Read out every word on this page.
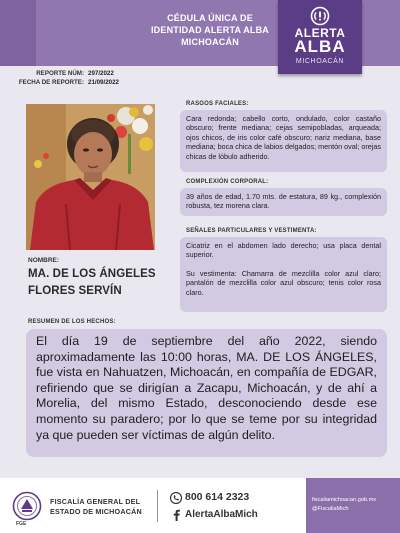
CÉDULA ÚNICA DE
IDENTIDAD ALERTA ALBA
MICHOACÁN
ALERTA
ALBA
MICHOACÁN
REPORTE NÚM: 297/2022
FECHA DE REPORTE: 21/09/2022
NOMBRE:
MA. DE LOS ÁNGELES
FLORES SERVÍN
RASGOS FACIALES:
Cara redonda; cabello corto, ondulado, color castaño obscuro; frente mediana; cejas semipobladas, arqueada; ojos chicos, de iris color café obscuro; nariz mediana, base mediana; boca chica de labios delgados; mentón oval; orejas chicas de lóbulo adherido.
COMPLEXIÓN CORPORAL:
39 años de edad, 1.70 mts. de estatura, 89 kg., complexión robusta, tez morena clara.
SEÑALES PARTICULARES Y VESTIMENTA:
Cicatriz en el abdomen lado derecho; usa placa dental superior.
Su vestimenta: Chamarra de mezclilla color azul claro; pantalón de mezclilla color azul obscuro; tenis color rosa claro.
RESUMEN DE LOS HECHOS:
El día 19 de septiembre del año 2022, siendo aproximadamente las 10:00 horas, MA. DE LOS ÁNGELES, fue vista en Nahuatzen, Michoacán, en compañía de EDGAR, refiriendo que se dirigían a Zacapu, Michoacán, y de ahí a Morelia, del mismo Estado, desconociendo desde ese momento su paradero; por lo que se teme por su integridad ya que pueden ser víctimas de algún delito.
FGE
FISCALÍA GENERAL DEL
ESTADO DE MICHOACÁN
800 614 2323
AlertaAlbaMich
fiscaliamichoacan.gob.mx
@FiscaliaMich
